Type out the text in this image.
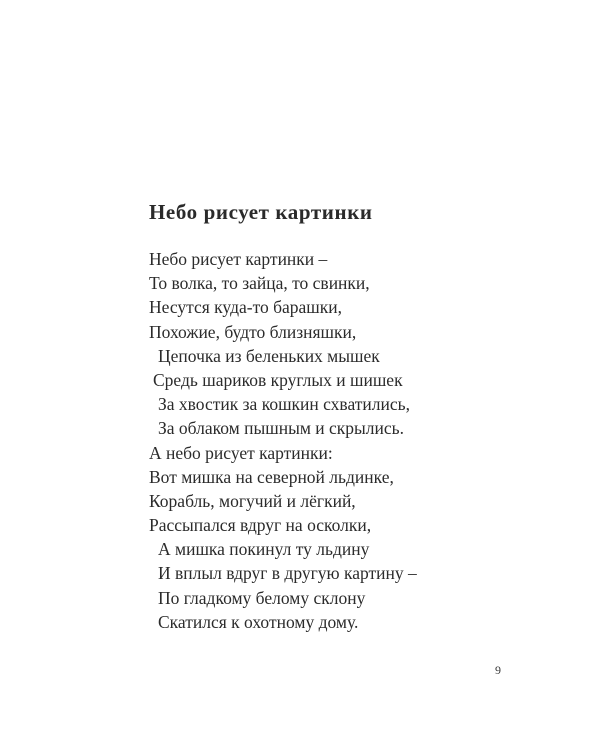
Небо рисует картинки
Небо рисует картинки –
То волка, то зайца, то свинки,
Несутся куда-то барашки,
Похожие, будто близняшки,
Цепочка из беленьких мышек
Средь шариков круглых и шишек
За хвостик за кошкин схватились,
За облаком пышным и скрылись.
А небо рисует картинки:
Вот мишка на северной льдинке,
Корабль, могучий и лёгкий,
Рассыпался вдруг на осколки,
А мишка покинул ту льдину
И вплыл вдруг в другую картину –
По гладкому белому склону
Скатился к охотному дому.
9
